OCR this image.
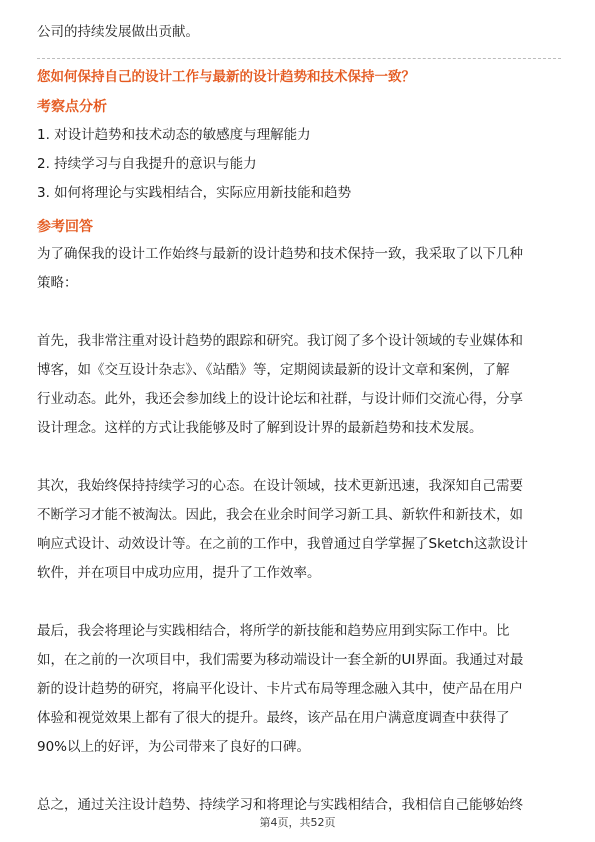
公司的持续发展做出贡献。
您如何保持自己的设计工作与最新的设计趋势和技术保持一致？
考察点分析
1. 对设计趋势和技术动态的敏感度与理解能力
2. 持续学习与自我提升的意识与能力
3. 如何将理论与实践相结合，实际应用新技能和趋势
参考回答
为了确保我的设计工作始终与最新的设计趋势和技术保持一致，我采取了以下几种
策略：
首先，我非常注重对设计趋势的跟踪和研究。我订阅了多个设计领域的专业媒体和
博客，如《交互设计杂志》、《站酷》等，定期阅读最新的设计文章和案例，了解
行业动态。此外，我还会参加线上的设计论坛和社群，与设计师们交流心得，分享
设计理念。这样的方式让我能够及时了解到设计界的最新趋势和技术发展。
其次，我始终保持持续学习的心态。在设计领域，技术更新迅速，我深知自己需要
不断学习才能不被淘汰。因此，我会在业余时间学习新工具、新软件和新技术，如
响应式设计、动效设计等。在之前的工作中，我曾通过自学掌握了Sketch这款设计
软件，并在项目中成功应用，提升了工作效率。
最后，我会将理论与实践相结合，将所学的新技能和趋势应用到实际工作中。比
如，在之前的一次项目中，我们需要为移动端设计一套全新的UI界面。我通过对最
新的设计趋势的研究，将扁平化设计、卡片式布局等理念融入其中，使产品在用户
体验和视觉效果上都有了很大的提升。最终，该产品在用户满意度调查中获得了
90%以上的好评，为公司带来了良好的口碑。
总之，通过关注设计趋势、持续学习和将理论与实践相结合，我相信自己能够始终
第4页，共52页
